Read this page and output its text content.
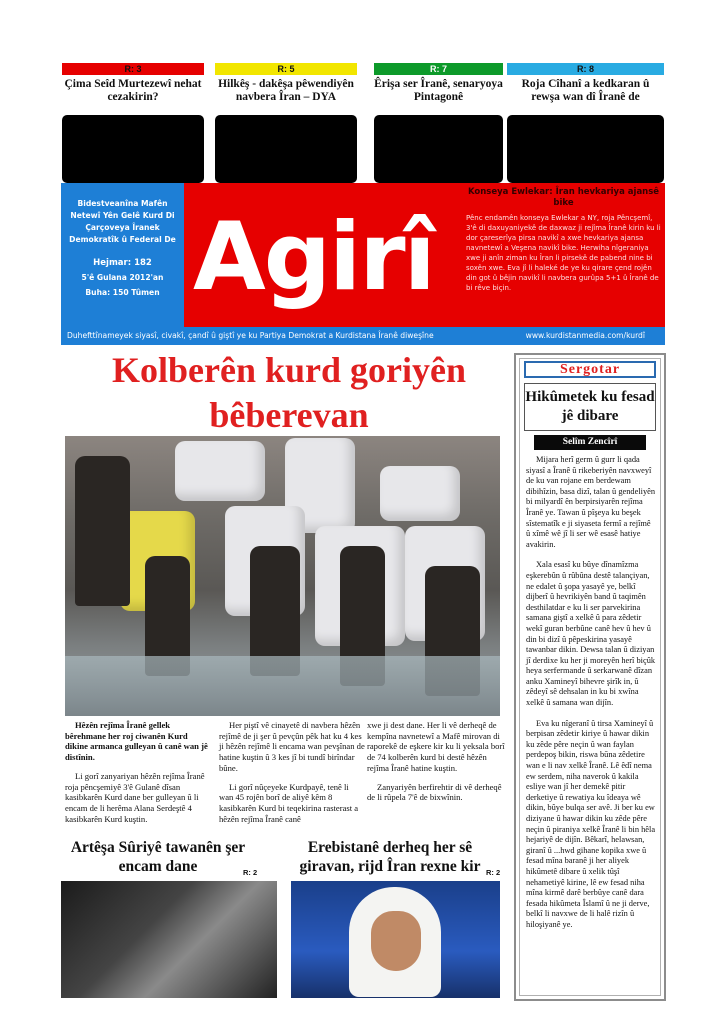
R: 3
Çima Seîd Murtezewî nehat cezakirin?
R: 5
Hilkêş - dakêşa pêwendiyên navbera Îran – DYA
R: 7
Êrişa ser Îranê, senaryoya Pintagonê
R: 8
Roja Cîhanî a kedkaran û rewşa wan dî Îranê de
Bidestveanîna Mafên Netewî Yên Gelê Kurd Di Çarçoveya Îranek Demokratîk û Federal De
Hejmar: 182
5'ê Gulana 2012'an
Buha: 150 Tûmen Agirî
Konseya Ewlekar: Îran hevkariya ajansê bike
Pênc endamên konseya Ewlekar a NY, roja Pêncşemî, 3'ê di daxuyaniyekê de daxwaz ji rejîma Îranê kirin ku li dor çareserîya pirsa navikî a xwe hevkariya ajansa navnetewî a Veşena navikî bike. Herwiha nîgeraniya xwe ji anîn ziman ku Îran li pirsekê de pabend nine bi soxên xwe. Eva jî li haleké de ye ku qirare çend rojên din got û bêjin navikî li navbera gurûpa 5+1 û Îranê de bi rêve biçin.
Duhefttînameyek siyasî, civakî, çandî û giştî ye ku Partiya Demokrat a Kurdistana Îranê diweşîne	www.kurdistanmedia.com/kurdî
Kolberên kurd goriyên bêberevan

Hêzên rejîma Îranê gellek bêrehmane her roj ciwanên Kurd dikine armanca gulleyan û canê wan jê distînin.

Li gorî zanyariyan hêzên rejîma Îranê roja pêncşemiyê 3'ê Gulanê dîsan kasibkarên Kurd dane ber gulleyan û li encam de li herêma Alana Serdeştê 4 kasibkarên Kurd kuştin.

Her piştî vê cinayetê di navbera hêzên rejîmê de ji şer û pevçûn pêk hat ku 4 kes ji hêzên rejîmê li encama wan pevşînan de hatine kuştin û 3 kes jî bi tundî birîndar bûne.

Li gorî nûçeyeke Kurdpayê, tenê li wan 45 rojên borî de aliyê kêm 8 kasibkarên Kurd bi teqekirina rasterast a hêzên rejîma Îranê canê

xwe ji dest dane. Her li vê derheqê de kempîna navnetewî a Mafê mirovan di raporekê de eşkere kir ku li yeksala borî de 74 kolberên kurd bi destê hêzên rejîma Îranê hatine kuştin.

Zanyariyên berfirehtir di vê derheqê de li rûpela 7'ê de bixwînin.

Artêşa Sûriyê tawanên şer encam dane	R: 2
Erebistanê derheq her sê giravan, rijd Îran rexne kir R: 2
Sergotar
Hikûmetek ku fesad jê dibare
Selîm Zencîrî

Mijara herî germ û gurr li qada siyasî a Îranê û rikeberiyên navxweyî de ku van rojane em berdewam dibihîzin, basa dizî, talan û gendeliyên bi milyardî ên berpirsiyarên rejîma Îranê ye. Tawan û pîşeya ku beşek sîstematîk e ji siyaseta fermî a rejîmê û xîmê wê jî li ser wê esasê hatiye avakirin.

Xala esasî ku bûye dînamîzma eşkerebûn û rûbûna destê talançiyan, ne edalet û şopa yasayê ye, belkî dijberî û hevrikiyên band û taqimên desthilatdar e ku li ser parvekirina samana giştî a xelkê û para zêdetir wekî guran berbûne canê hev û hev û din bi dizî û pêpeskirina yasayê tawanbar dikin. Dewsa talan û diziyan jî derdixe ku her ji moreyên herî biçûk heya serfermande û serkarwanê dîzan anku Xamineyî bihevre şirîk in, û zêdeyî sê dehsalan in ku bi xwîna xelkê û samana wan dijîn.

Eva ku nîgeranî û tirsa Xamineyî û berpisan zêdetir kiriye û hawar dikin ku zêde pêre neçin û wan faylan perdepoş bikin, riswa būna zêdetire wan e li nav xelkê Îranê. Lê êdî nema ew serdem, niha naverok û kakila esliye wan jî her demekê pitir derketiye û rewatiya ku îdeaya wê dikin, bûye bulqa ser avê. Ji ber ku ew diziyane û hawar dikin ku zêde pêre neçin û piraniya xelkê Îranê li bin hêla hejariyê de dijîn. Bêkarî, helawsan, giranî û ...hwd gihane kopika xwe û fesad mîna baranê ji her aliyek hikûmetê dibare û xelik tûşî nehametiyê kirine, lê ew fesad niha mîna kirmê darê berbûye canê dara fesada hikûmeta Îslamî û ne ji derve, belkî li navxwe de li halê rizîn û hiloşiyanê ye.
